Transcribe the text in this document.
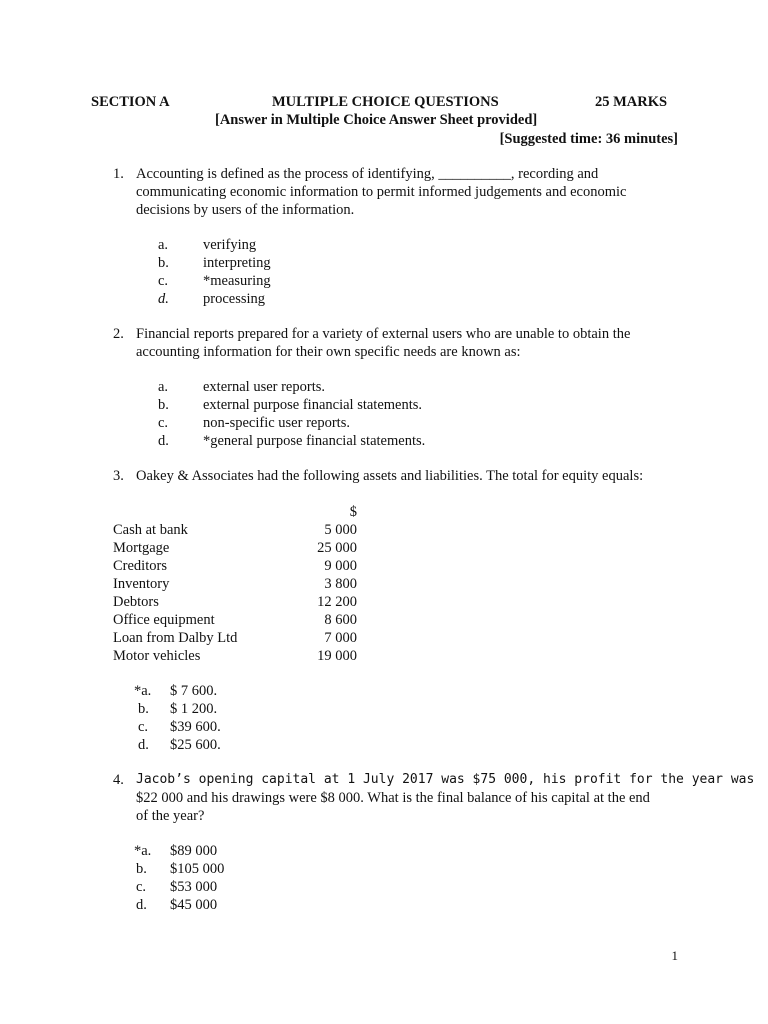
SECTION A	MULTIPLE CHOICE QUESTIONS	25 MARKS
[Answer in Multiple Choice Answer Sheet provided]
[Suggested time: 36 minutes]
1. Accounting is defined as the process of identifying, __________, recording and
communicating economic information to permit informed judgements and economic
decisions by users of the information.
a. verifying
b. interpreting
c. *measuring
d. processing
2. Financial reports prepared for a variety of external users who are unable to obtain the
accounting information for their own specific needs are known as:
a. external user reports.
b. external purpose financial statements.
c. non-specific user reports.
d. *general purpose financial statements.
3. Oakey & Associates had the following assets and liabilities. The total for equity equals:
$
Cash at bank	5 000
Mortgage	25 000
Creditors	9 000
Inventory	3 800
Debtors	12 200
Office equipment	8 600
Loan from Dalby Ltd	7 000
Motor vehicles	19 000
*a. $ 7 600.
b. $ 1 200.
c. $39 600.
d. $25 600.
4. Jacob’s opening capital at 1 July 2017 was $75 000, his profit for the year was
$22 000 and his drawings were $8 000. What is the final balance of his capital at the end
of the year?
*a. $89 000
b. $105 000
c. $53 000
d. $45 000
1
